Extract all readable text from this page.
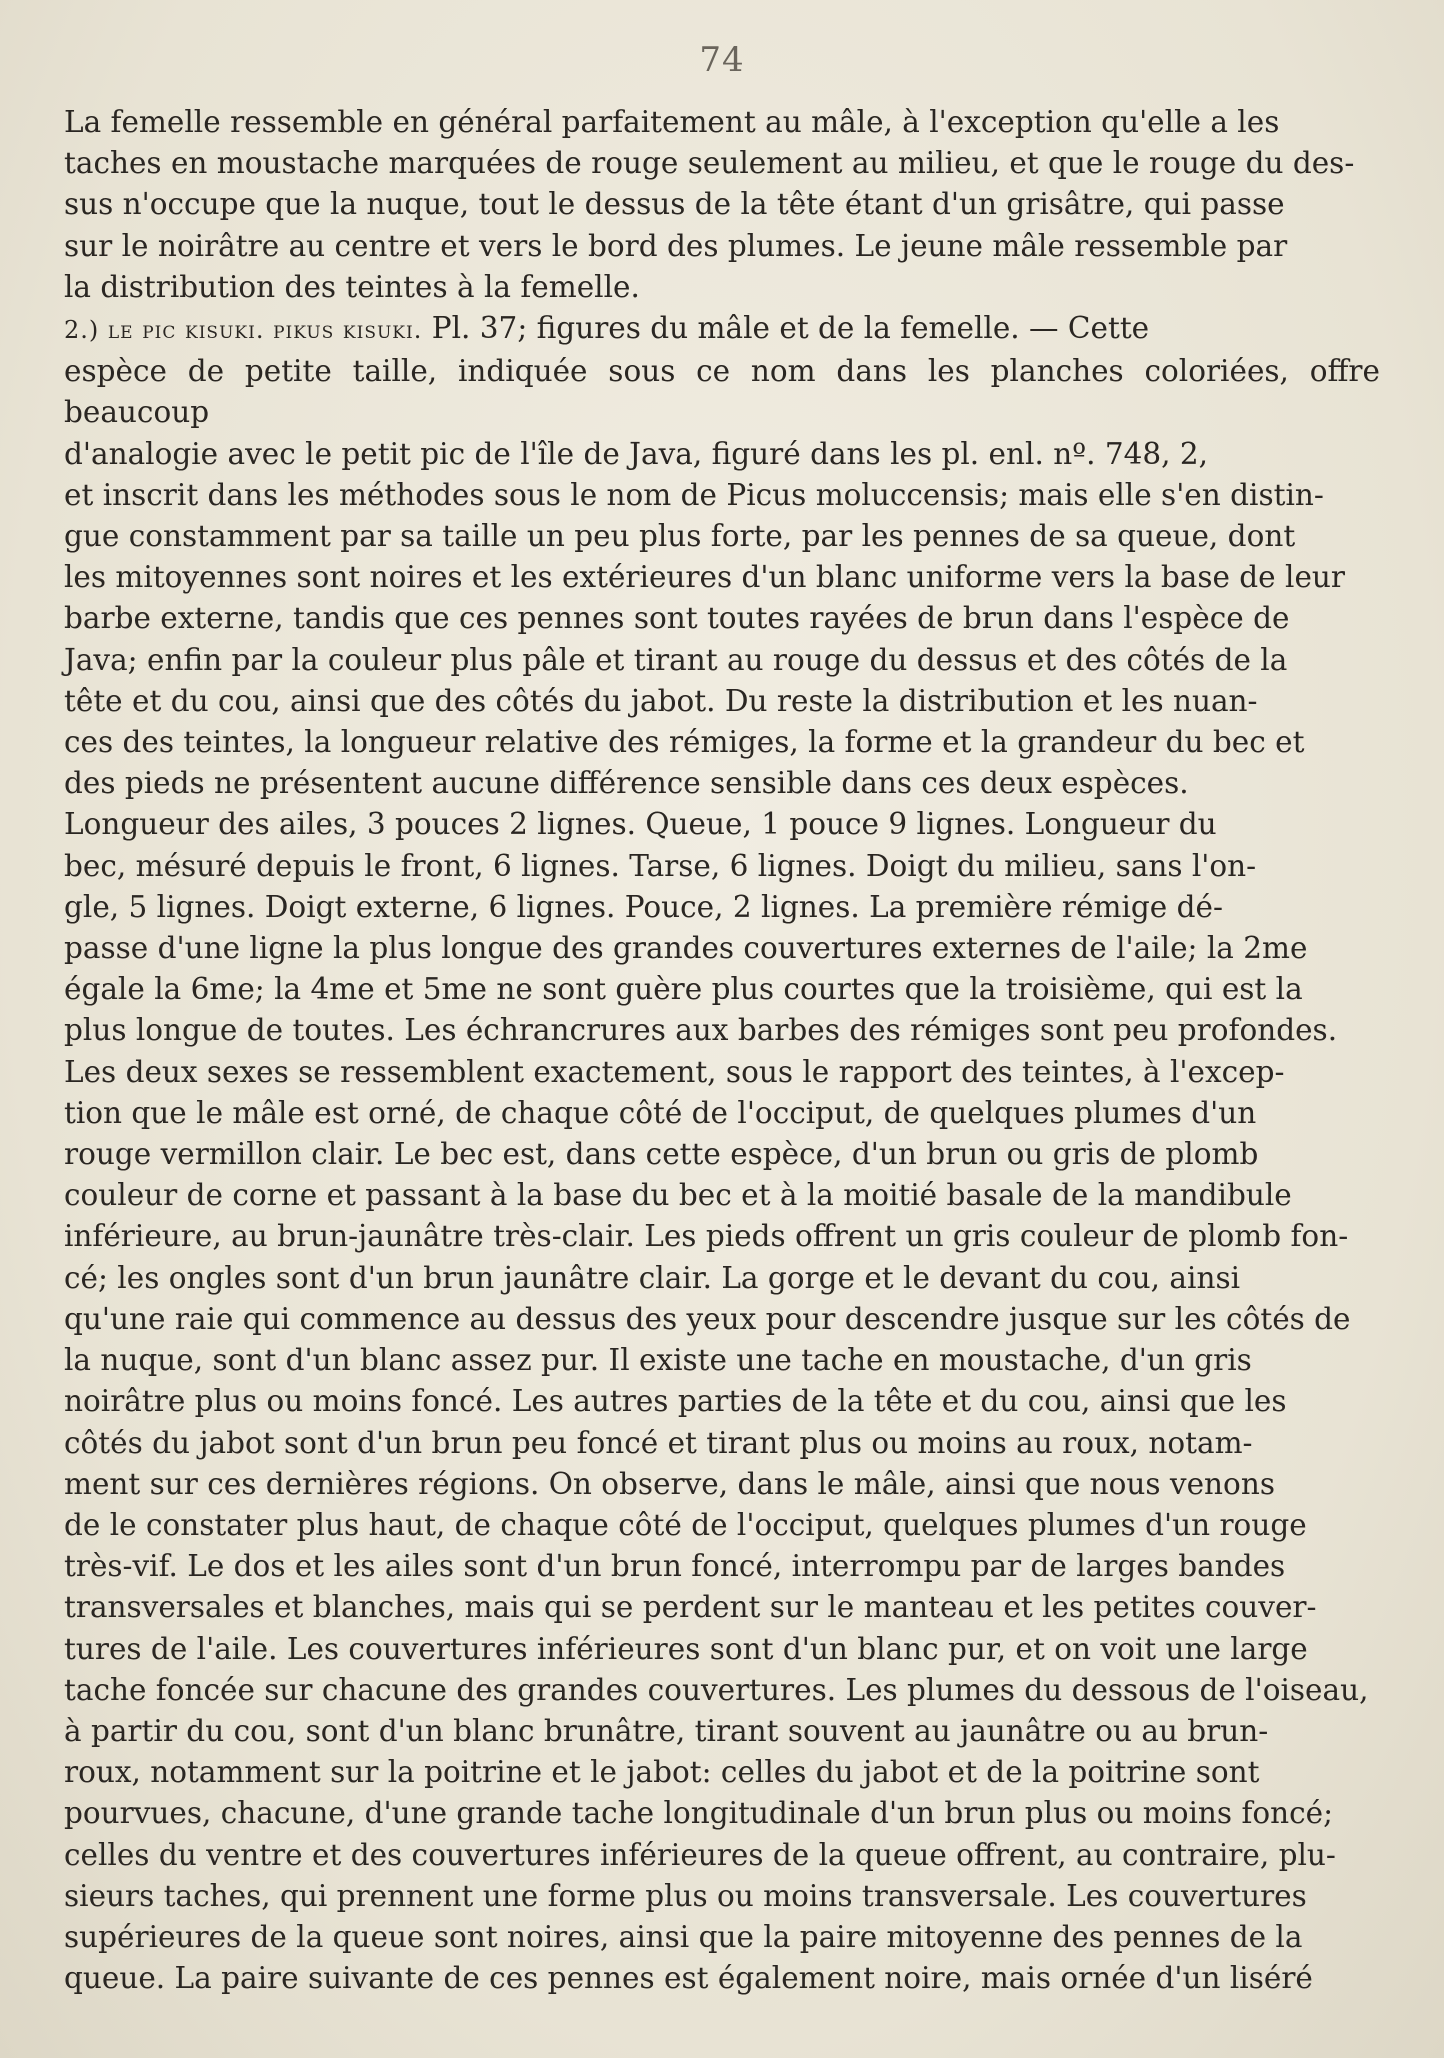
74

La femelle ressemble en général parfaitement au mâle, à l'exception qu'elle a les
taches en moustache marquées de rouge seulement au milieu, et que le rouge du des-
sus n'occupe que la nuque, tout le dessus de la tête étant d'un grisâtre, qui passe
sur le noirâtre au centre et vers le bord des plumes. Le jeune mâle ressemble par
la distribution des teintes à la femelle.

2.) le pic kisuki. pikus kisuki. Pl. 37; figures du mâle et de la femelle. — Cette
espèce de petite taille, indiquée sous ce nom dans les planches coloriées, offre beaucoup
d'analogie avec le petit pic de l'île de Java, figuré dans les pl. enl. nº. 748, 2,
et inscrit dans les méthodes sous le nom de Picus moluccensis; mais elle s'en distin-
gue constamment par sa taille un peu plus forte, par les pennes de sa queue, dont
les mitoyennes sont noires et les extérieures d'un blanc uniforme vers la base de leur
barbe externe, tandis que ces pennes sont toutes rayées de brun dans l'espèce de
Java; enfin par la couleur plus pâle et tirant au rouge du dessus et des côtés de la
tête et du cou, ainsi que des côtés du jabot. Du reste la distribution et les nuan-
ces des teintes, la longueur relative des rémiges, la forme et la grandeur du bec et
des pieds ne présentent aucune différence sensible dans ces deux espèces.

Longueur des ailes, 3 pouces 2 lignes. Queue, 1 pouce 9 lignes. Longueur du
bec, mésuré depuis le front, 6 lignes. Tarse, 6 lignes. Doigt du milieu, sans l'on-
gle, 5 lignes. Doigt externe, 6 lignes. Pouce, 2 lignes. La première rémige dé-
passe d'une ligne la plus longue des grandes couvertures externes de l'aile; la 2me
égale la 6me; la 4me et 5me ne sont guère plus courtes que la troisième, qui est la
plus longue de toutes. Les échrancrures aux barbes des rémiges sont peu profondes.

Les deux sexes se ressemblent exactement, sous le rapport des teintes, à l'excep-
tion que le mâle est orné, de chaque côté de l'occiput, de quelques plumes d'un
rouge vermillon clair. Le bec est, dans cette espèce, d'un brun ou gris de plomb
couleur de corne et passant à la base du bec et à la moitié basale de la mandibule
inférieure, au brun-jaunâtre très-clair. Les pieds offrent un gris couleur de plomb fon-
cé; les ongles sont d'un brun jaunâtre clair. La gorge et le devant du cou, ainsi
qu'une raie qui commence au dessus des yeux pour descendre jusque sur les côtés de
la nuque, sont d'un blanc assez pur. Il existe une tache en moustache, d'un gris
noirâtre plus ou moins foncé. Les autres parties de la tête et du cou, ainsi que les
côtés du jabot sont d'un brun peu foncé et tirant plus ou moins au roux, notam-
ment sur ces dernières régions. On observe, dans le mâle, ainsi que nous venons
de le constater plus haut, de chaque côté de l'occiput, quelques plumes d'un rouge
très-vif. Le dos et les ailes sont d'un brun foncé, interrompu par de larges bandes
transversales et blanches, mais qui se perdent sur le manteau et les petites couver-
tures de l'aile. Les couvertures inférieures sont d'un blanc pur, et on voit une large
tache foncée sur chacune des grandes couvertures. Les plumes du dessous de l'oiseau,
à partir du cou, sont d'un blanc brunâtre, tirant souvent au jaunâtre ou au brun-
roux, notamment sur la poitrine et le jabot: celles du jabot et de la poitrine sont
pourvues, chacune, d'une grande tache longitudinale d'un brun plus ou moins foncé;
celles du ventre et des couvertures inférieures de la queue offrent, au contraire, plu-
sieurs taches, qui prennent une forme plus ou moins transversale. Les couvertures
supérieures de la queue sont noires, ainsi que la paire mitoyenne des pennes de la
queue. La paire suivante de ces pennes est également noire, mais ornée d'un liséré
